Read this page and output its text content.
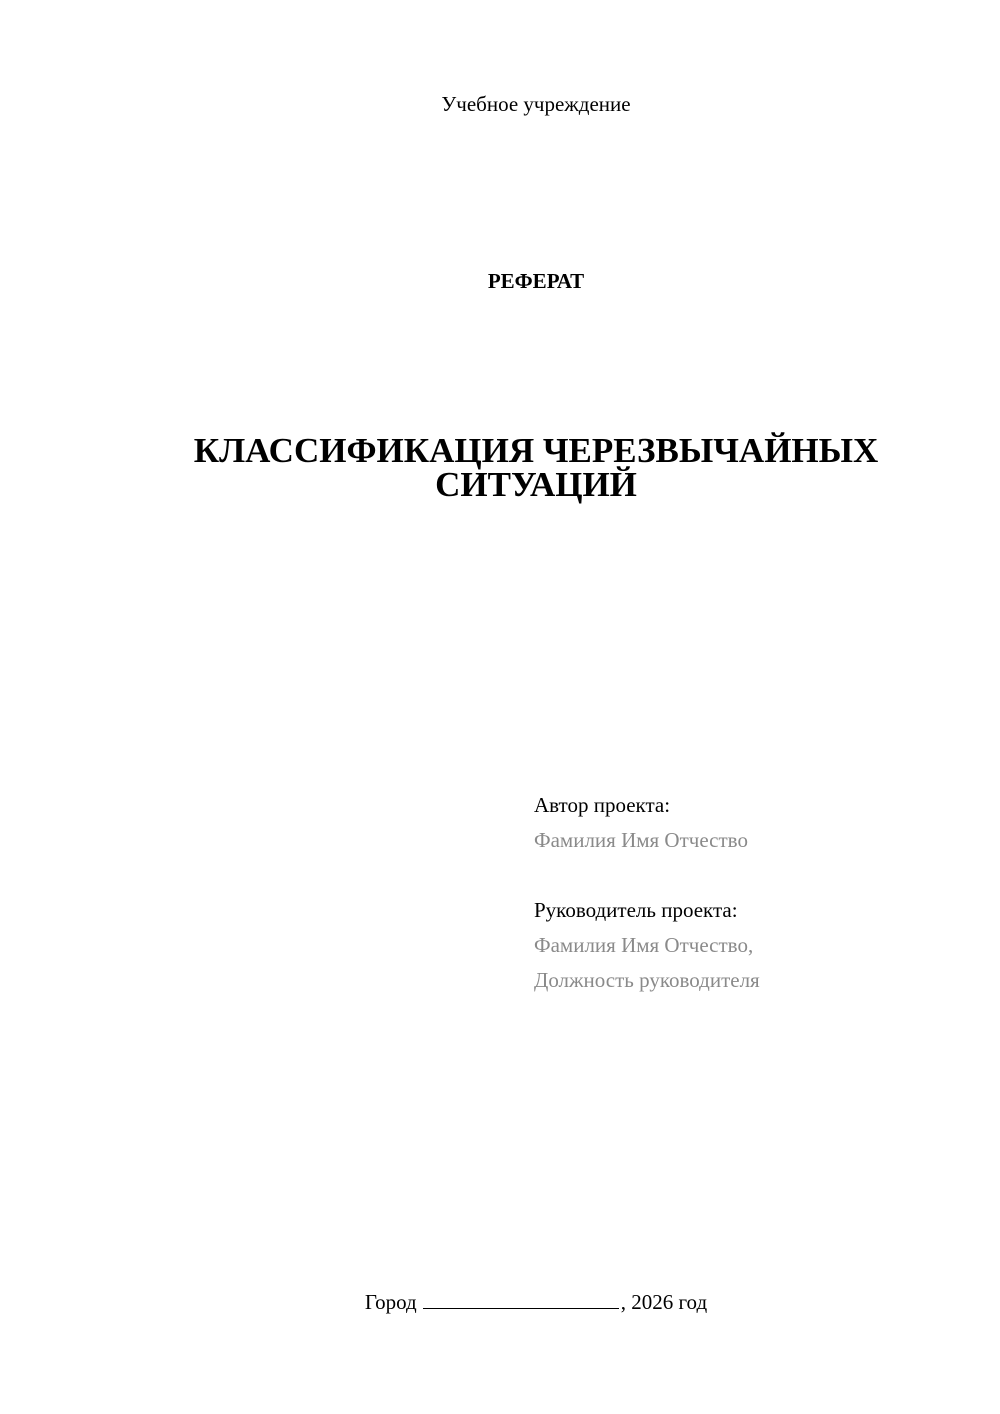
Учебное учреждение
РЕФЕРАТ
КЛАССИФИКАЦИЯ ЧЕРЕЗВЫЧАЙНЫХ
СИТУАЦИЙ
Автор проекта:
Фамилия Имя Отчество
Руководитель проекта:
Фамилия Имя Отчество,
Должность руководителя
Город	, 2026 год
